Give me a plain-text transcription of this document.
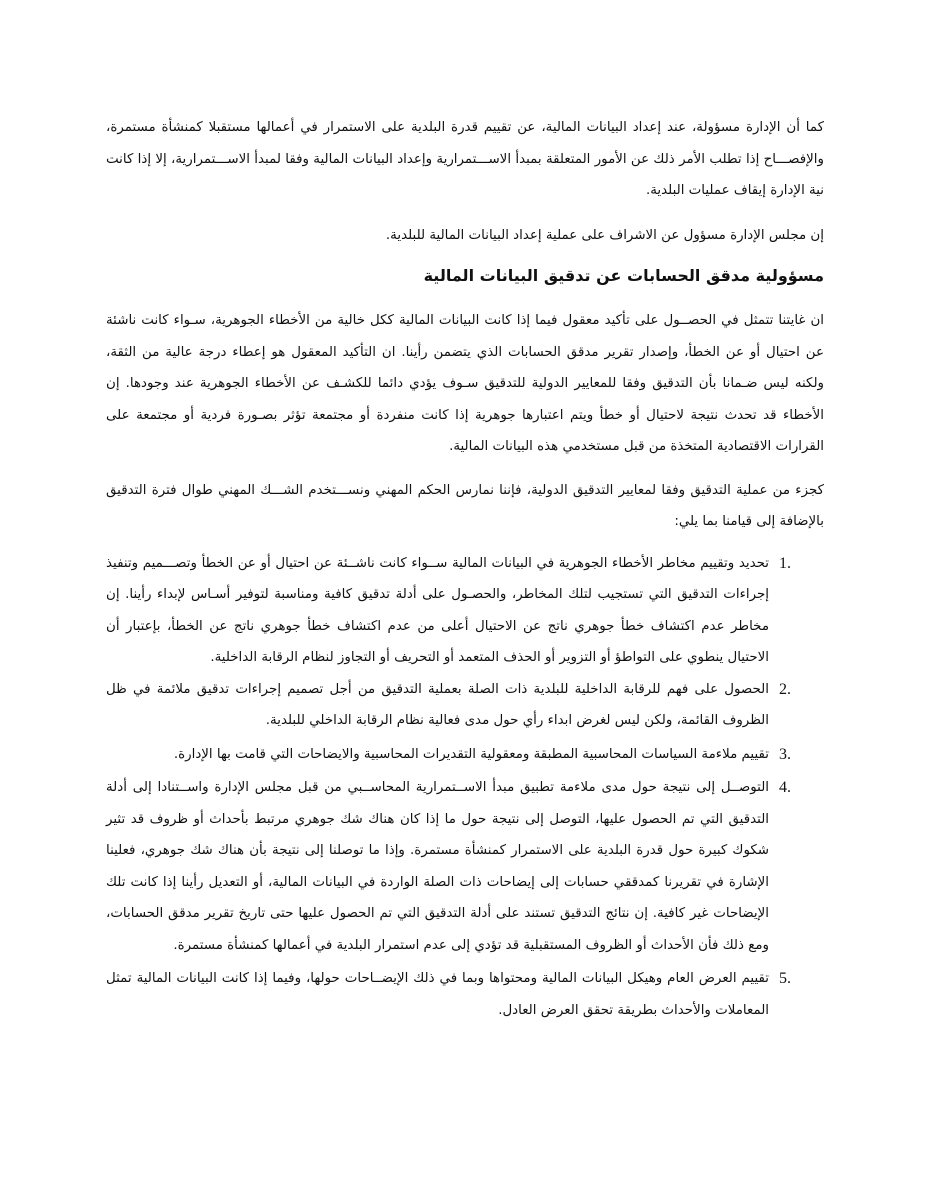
كما أن الإدارة مسؤولة، عند إعداد البيانات المالية، عن تقييم قدرة البلدية على الاستمرار في أعمالها مستقبلا كمنشأة مستمرة، والإفصـــاح إذا تطلب الأمر ذلك عن الأمور المتعلقة بمبدأ الاســـتمرارية وإعداد البيانات المالية وفقا لمبدأ الاســـتمرارية، إلا إذا كانت نية الإدارة إيقاف عمليات البلدية.

إن مجلس الإدارة مسؤول عن الاشراف على عملية إعداد البيانات المالية للبلدية.

مسؤولية مدقق الحسابات عن تدقيق البيانات المالية

ان غايتنا تتمثل في الحصــول على تأكيد معقول فيما إذا كانت البيانات المالية ككل خالية من الأخطاء الجوهرية، سـواء كانت ناشئة عن احتيال أو عن الخطأ، وإصدار تقرير مدقق الحسابات الذي يتضمن رأينا. ان التأكيد المعقول هو إعطاء درجة عالية من الثقة، ولكنه ليس ضـمانا بأن التدقيق وفقا للمعايير الدولية للتدقيق سـوف يؤدي دائما للكشـف عن الأخطاء الجوهرية عند وجودها. إن الأخطاء قد تحدث نتيجة لاحتيال أو خطأ ويتم اعتبارها جوهرية إذا كانت منفردة أو مجتمعة تؤثر بصـورة فردية أو مجتمعة على القرارات الاقتصادية المتخذة من قبل مستخدمي هذه البيانات المالية.

كجزء من عملية التدقيق وفقا لمعايير التدقيق الدولية، فإننا نمارس الحكم المهني ونســـتخدم الشـــك المهني طوال فترة التدقيق بالإضافة إلى قيامنا بما يلي:

1.
تحديد وتقييم مخاطر الأخطاء الجوهرية في البيانات المالية ســواء كانت ناشــئة عن احتيال أو عن الخطأ وتصـــميم وتنفيذ إجراءات التدقيق التي تستجيب لتلك المخاطر، والحصـول على أدلة تدقيق كافية ومناسبة لتوفير أسـاس لإبداء رأينا. إن مخاطر عدم اكتشاف خطأ جوهري ناتج عن الاحتيال أعلى من عدم اكتشاف خطأ جوهري ناتج عن الخطأ، بإعتبار أن الاحتيال ينطوي على التواطؤ أو التزوير أو الحذف المتعمد أو التحريف أو التجاوز لنظام الرقابة الداخلية.
2.
الحصول على فهم للرقابة الداخلية للبلدية ذات الصلة بعملية التدقيق من أجل تصميم إجراءات تدقيق ملائمة في ظل الظروف القائمة، ولكن ليس لغرض ابداء رأي حول مدى فعالية نظام الرقابة الداخلي للبلدية.
3.
تقييم ملاءمة السياسات المحاسبية المطبقة ومعقولية التقديرات المحاسبية والايضاحات التي قامت بها الإدارة.
4.
التوصــل إلى نتيجة حول مدى ملاءمة تطبيق مبدأ الاســتمرارية المحاســبي من قبل مجلس الإدارة واســتنادا إلى أدلة التدقيق التي تم الحصول عليها، التوصل إلى نتيجة حول ما إذا كان هناك شك جوهري مرتبط بأحداث أو ظروف قد تثير شكوك كبيرة حول قدرة البلدية على الاستمرار كمنشأة مستمرة. وإذا ما توصلنا إلى نتيجة بأن هناك شك جوهري، فعلينا الإشارة في تقريرنا كمدققي حسابات إلى إيضاحات ذات الصلة الواردة في البيانات المالية، أو التعديل رأينا إذا كانت تلك الإيضاحات غير كافية. إن نتائج التدقيق تستند على أدلة التدقيق التي تم الحصول عليها حتى تاريخ تقرير مدقق الحسابات، ومع ذلك فأن الأحداث أو الظروف المستقبلية قد تؤدي إلى عدم استمرار البلدية في أعمالها كمنشأة مستمرة.
5.
تقييم العرض العام وهيكل البيانات المالية ومحتواها وبما في ذلك الإيضــاحات حولها، وفيما إذا كانت البيانات المالية تمثل المعاملات والأحداث بطريقة تحقق العرض العادل.
